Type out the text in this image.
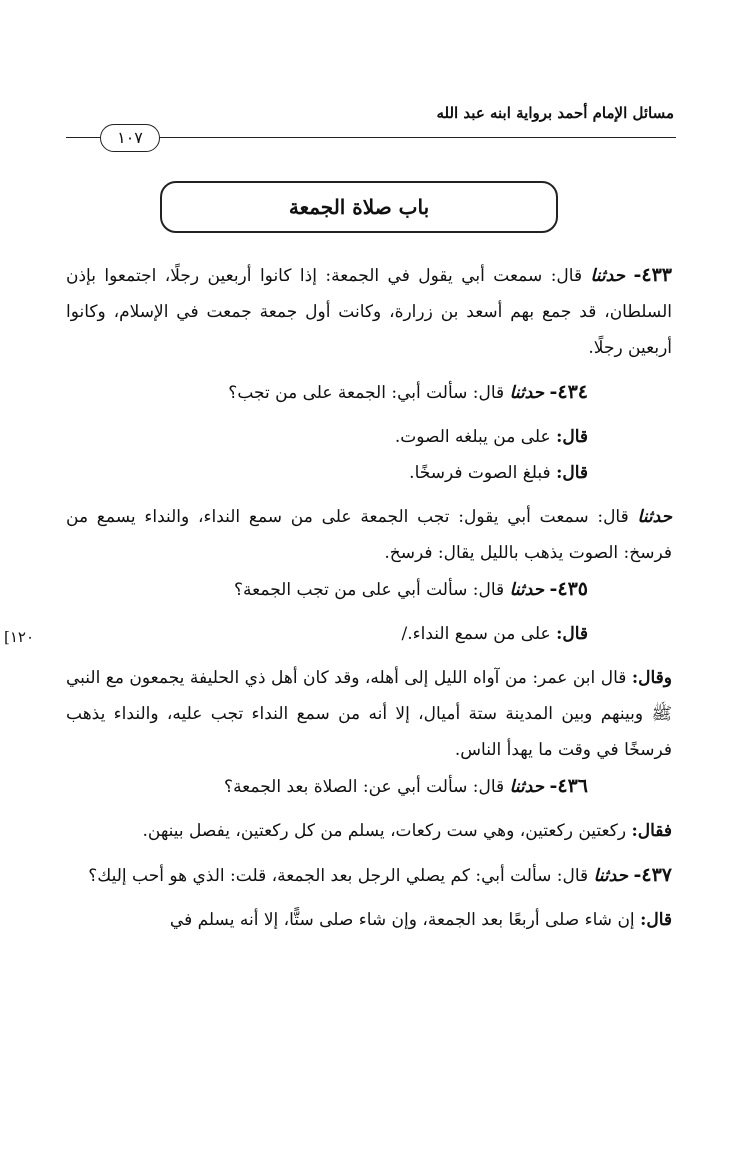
مسائل الإمام أحمد برواية ابنه عبد الله
١٠٧
باب صلاة الجمعة
[١٢٠

٤٣٣- حدثنا قال: سمعت أبي يقول في الجمعة: إذا كانوا أربعين رجلًا، اجتمعوا بإذن السلطان، قد جمع بهم أسعد بن زرارة، وكانت أول جمعة جمعت في الإسلام، وكانوا أربعين رجلًا.

٤٣٤- حدثنا قال: سألت أبي: الجمعة على من تجب؟

قال: على من يبلغه الصوت.

قال: فبلغ الصوت فرسخًا.

حدثنا قال: سمعت أبي يقول: تجب الجمعة على من سمع النداء، والنداء يسمع من فرسخ: الصوت يذهب بالليل يقال: فرسخ.

٤٣٥- حدثنا قال: سألت أبي على من تجب الجمعة؟

قال: على من سمع النداء./

وقال: قال ابن عمر: من آواه الليل إلى أهله، وقد كان أهل ذي الحليفة يجمعون مع النبي ﷺ وبينهم وبين المدينة ستة أميال، إلا أنه من سمع النداء تجب عليه، والنداء يذهب فرسخًا في وقت ما يهدأ الناس.

٤٣٦- حدثنا قال: سألت أبي عن: الصلاة بعد الجمعة؟

فقال: ركعتين ركعتين، وهي ست ركعات، يسلم من كل ركعتين، يفصل بينهن.

٤٣٧- حدثنا قال: سألت أبي: كم يصلي الرجل بعد الجمعة، قلت: الذي هو أحب إليك؟

قال: إن شاء صلى أربعًا بعد الجمعة، وإن شاء صلى ستًّا، إلا أنه يسلم في
